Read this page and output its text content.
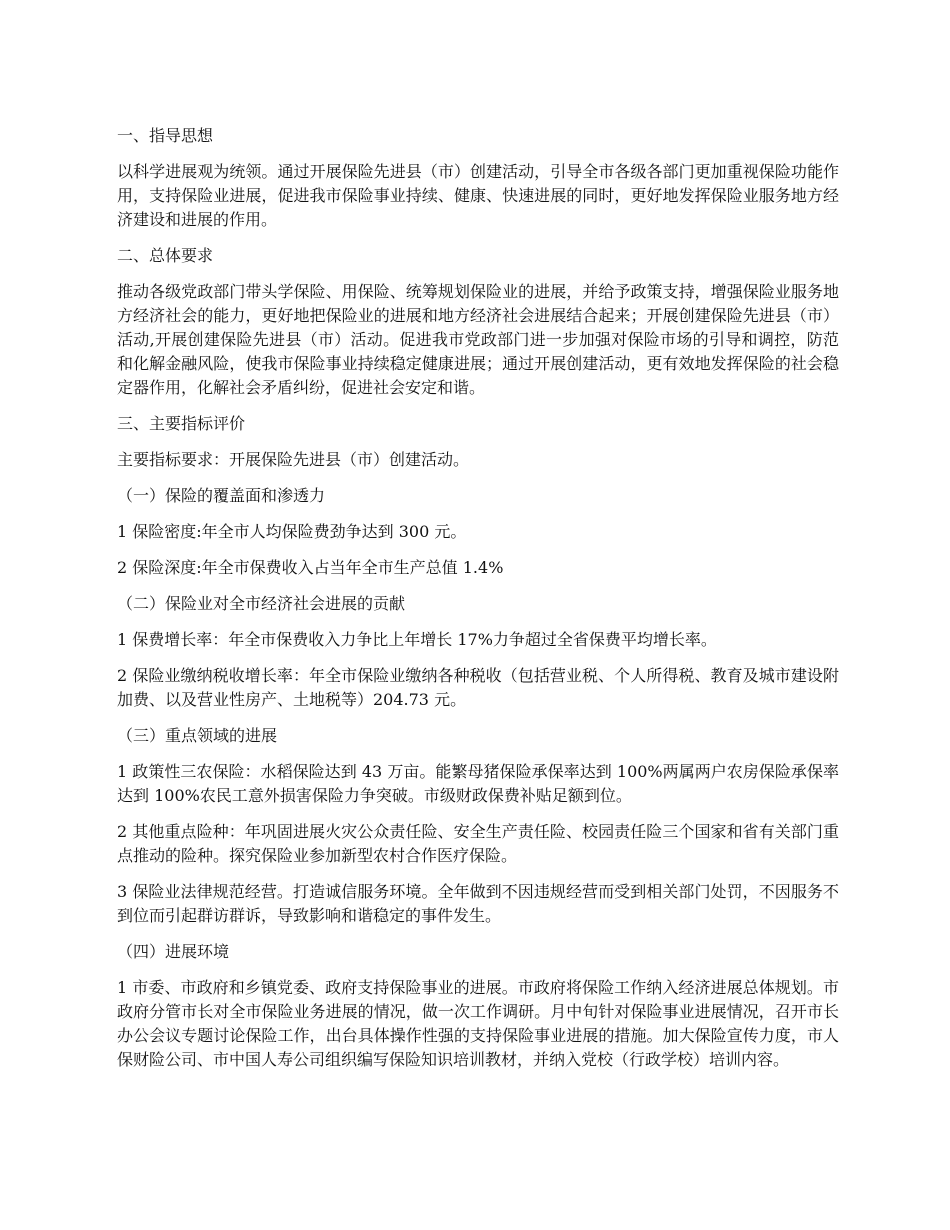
一、指导思想
以科学进展观为统领。通过开展保险先进县（市）创建活动，引导全市各级各部门更加重视保险功能作用，支持保险业进展，促进我市保险事业持续、健康、快速进展的同时，更好地发挥保险业服务地方经济建设和进展的作用。
二、总体要求
推动各级党政部门带头学保险、用保险、统筹规划保险业的进展，并给予政策支持，增强保险业服务地方经济社会的能力，更好地把保险业的进展和地方经济社会进展结合起来；开展创建保险先进县（市）活动,开展创建保险先进县（市）活动。促进我市党政部门进一步加强对保险市场的引导和调控，防范和化解金融风险，使我市保险事业持续稳定健康进展；通过开展创建活动，更有效地发挥保险的社会稳定器作用，化解社会矛盾纠纷，促进社会安定和谐。
三、主要指标评价
主要指标要求：开展保险先进县（市）创建活动。
（一）保险的覆盖面和渗透力
1 保险密度:年全市人均保险费劲争达到 300 元。
2 保险深度:年全市保费收入占当年全市生产总值 1.4%
（二）保险业对全市经济社会进展的贡献
1 保费增长率：年全市保费收入力争比上年增长 17%力争超过全省保费平均增长率。
2 保险业缴纳税收增长率：年全市保险业缴纳各种税收（包括营业税、个人所得税、教育及城市建设附加费、以及营业性房产、土地税等）204.73 元。
（三）重点领域的进展
1 政策性三农保险：水稻保险达到 43 万亩。能繁母猪保险承保率达到 100%两属两户农房保险承保率达到 100%农民工意外损害保险力争突破。市级财政保费补贴足额到位。
2 其他重点险种：年巩固进展火灾公众责任险、安全生产责任险、校园责任险三个国家和省有关部门重点推动的险种。探究保险业参加新型农村合作医疗保险。
3 保险业法律规范经营。打造诚信服务环境。全年做到不因违规经营而受到相关部门处罚，不因服务不到位而引起群访群诉，导致影响和谐稳定的事件发生。
（四）进展环境
1 市委、市政府和乡镇党委、政府支持保险事业的进展。市政府将保险工作纳入经济进展总体规划。市政府分管市长对全市保险业务进展的情况，做一次工作调研。月中旬针对保险事业进展情况，召开市长办公会议专题讨论保险工作，出台具体操作性强的支持保险事业进展的措施。加大保险宣传力度，市人保财险公司、市中国人寿公司组织编写保险知识培训教材，并纳入党校（行政学校）培训内容。
